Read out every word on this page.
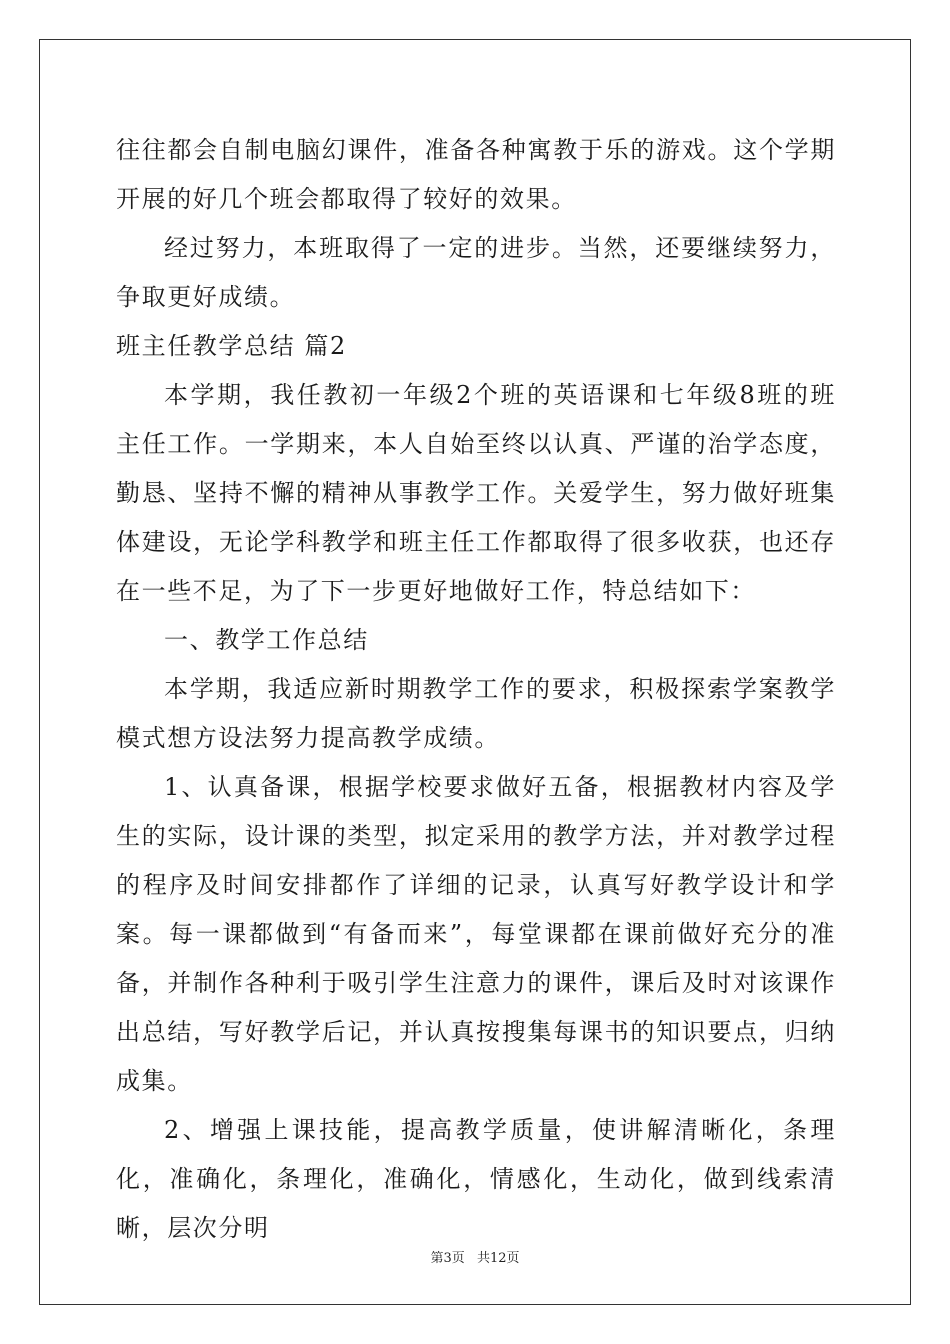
往往都会自制电脑幻课件，准备各种寓教于乐的游戏。这个学期开展的好几个班会都取得了较好的效果。

经过努力，本班取得了一定的进步。当然，还要继续努力，争取更好成绩。

班主任教学总结 篇2

本学期，我任教初一年级2个班的英语课和七年级8班的班主任工作。一学期来，本人自始至终以认真、严谨的治学态度，勤恳、坚持不懈的精神从事教学工作。关爱学生，努力做好班集体建设，无论学科教学和班主任工作都取得了很多收获，也还存在一些不足，为了下一步更好地做好工作，特总结如下：

一、教学工作总结

本学期，我适应新时期教学工作的要求，积极探索学案教学模式想方设法努力提高教学成绩。

1、认真备课，根据学校要求做好五备，根据教材内容及学生的实际，设计课的类型，拟定采用的教学方法，并对教学过程的程序及时间安排都作了详细的记录，认真写好教学设计和学案。每一课都做到“有备而来”，每堂课都在课前做好充分的准备，并制作各种利于吸引学生注意力的课件，课后及时对该课作出总结，写好教学后记，并认真按搜集每课书的知识要点，归纳成集。

2、增强上课技能，提高教学质量，使讲解清晰化，条理化，准确化，条理化，准确化，情感化，生动化，做到线索清晰，层次分明

第3页 共12页
